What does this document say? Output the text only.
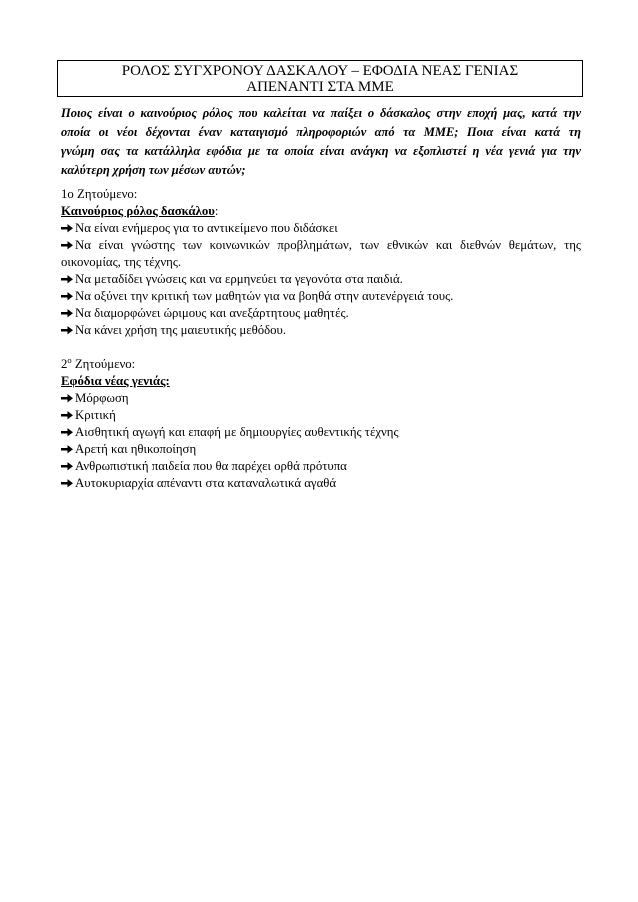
ΡΟΛΟΣ ΣΥΓΧΡΟΝΟΥ ΔΑΣΚΑΛΟΥ – ΕΦΟΔΙΑ ΝΕΑΣ ΓΕΝΙΑΣ
ΑΠΕΝΑΝΤΙ ΣΤΑ ΜΜΕ
Ποιος είναι ο καινούριος ρόλος που καλείται να παίξει ο δάσκαλος στην εποχή μας, κατά την
οποία οι νέοι δέχονται έναν καταιγισμό πληροφοριών από τα ΜΜΕ; Ποια είναι κατά τη
γνώμη σας τα κατάλληλα εφόδια με τα οποία είναι ανάγκη να εξοπλιστεί η νέα γενιά για την
καλύτερη χρήση των μέσων αυτών;
1ο Ζητούμενο:
Καινούριος ρόλος δασκάλου:
Να είναι ενήμερος για το αντικείμενο που διδάσκει
Να είναι γνώστης των κοινωνικών προβλημάτων, των εθνικών και διεθνών θεμάτων, της
οικονομίας, της τέχνης.
Να μεταδίδει γνώσεις και να ερμηνεύει τα γεγονότα στα παιδιά.
Να οξύνει την κριτική των μαθητών για να βοηθά στην αυτενέργειά τους.
Να διαμορφώνει ώριμους και ανεξάρτητους μαθητές.
Να κάνει χρήση της μαιευτικής μεθόδου.
$2^o$ Ζητούμενο:
Εφόδια νέας γενιάς:
Μόρφωση
Κριτική
Αισθητική αγωγή και επαφή με δημιουργίες αυθεντικής τέχνης
Αρετή και ηθικοποίηση
Ανθρωπιστική παιδεία που θα παρέχει ορθά πρότυπα
Αυτοκυριαρχία απέναντι στα καταναλωτικά αγαθά
